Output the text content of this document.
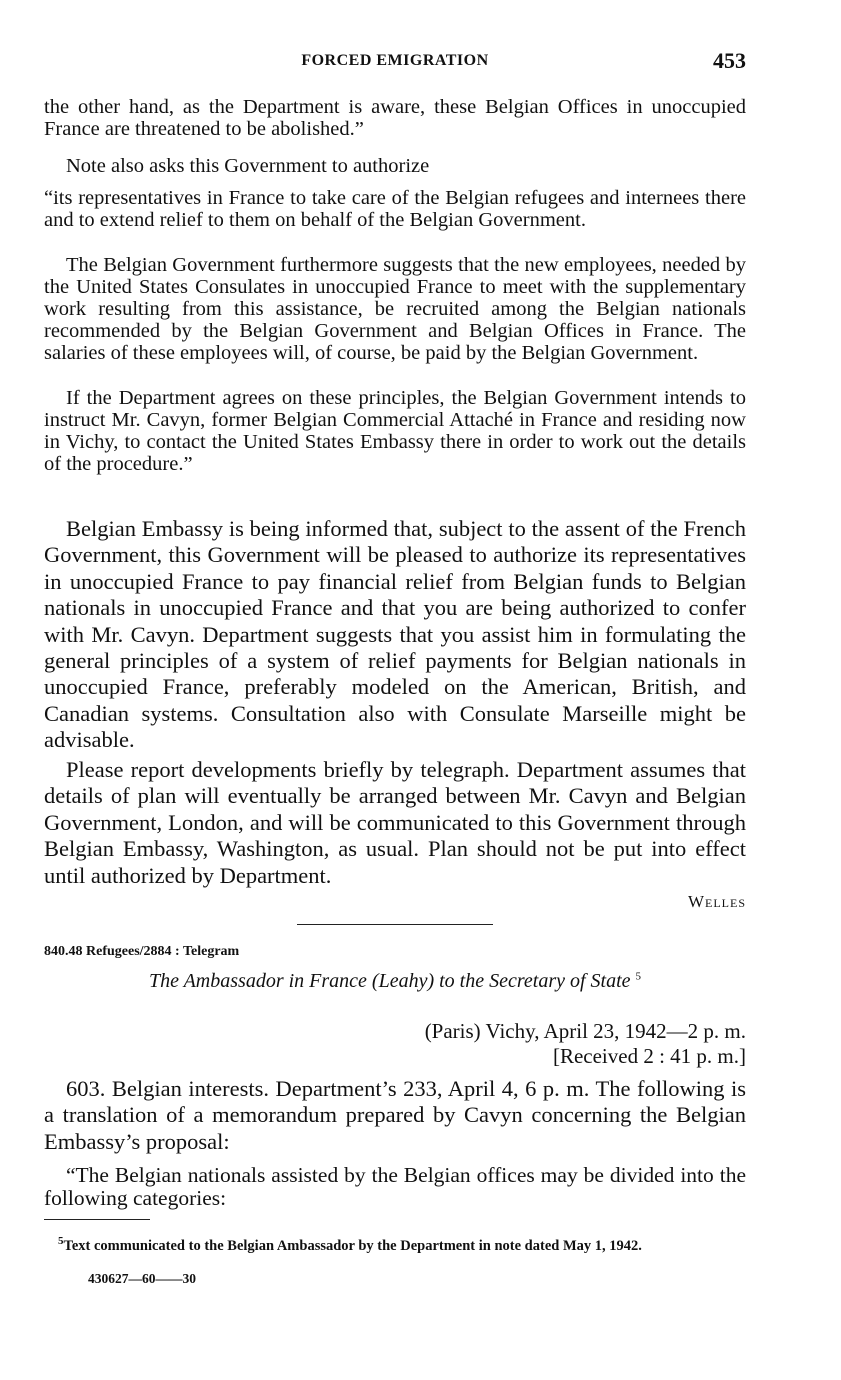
FORCED EMIGRATION	453

the other hand, as the Department is aware, these Belgian Offices in unoccupied France are threatened to be abolished.”

Note also asks this Government to authorize

“its representatives in France to take care of the Belgian refugees and internees there and to extend relief to them on behalf of the Belgian Government.

The Belgian Government furthermore suggests that the new employees, needed by the United States Consulates in unoccupied France to meet with the supplementary work resulting from this assistance, be recruited among the Belgian nationals recommended by the Belgian Government and Belgian Offices in France. The salaries of these employees will, of course, be paid by the Belgian Government.

If the Department agrees on these principles, the Belgian Government intends to instruct Mr. Cavyn, former Belgian Commercial Attaché in France and residing now in Vichy, to contact the United States Embassy there in order to work out the details of the procedure.”

Belgian Embassy is being informed that, subject to the assent of the French Government, this Government will be pleased to authorize its representatives in unoccupied France to pay financial relief from Belgian funds to Belgian nationals in unoccupied France and that you are being authorized to confer with Mr. Cavyn. Department suggests that you assist him in formulating the general principles of a system of relief payments for Belgian nationals in unoccupied France, preferably modeled on the American, British, and Canadian systems. Consultation also with Consulate Marseille might be advisable.

Please report developments briefly by telegraph. Department assumes that details of plan will eventually be arranged between Mr. Cavyn and Belgian Government, London, and will be communicated to this Government through Belgian Embassy, Washington, as usual. Plan should not be put into effect until authorized by Department.

Welles
840.48 Refugees/2884 : Telegram
The Ambassador in France (Leahy) to the Secretary of State $^5$
(Paris) Vichy, April 23, 1942—2 p. m.
[Received 2 : 41 p. m.]

603. Belgian interests. Department’s 233, April 4, 6 p. m. The following is a translation of a memorandum prepared by Cavyn concerning the Belgian Embassy’s proposal:

“The Belgian nationals assisted by the Belgian offices may be divided into the following categories:

$^5$Text communicated to the Belgian Ambassador by the Department in note dated May 1, 1942.

430627—60——30
